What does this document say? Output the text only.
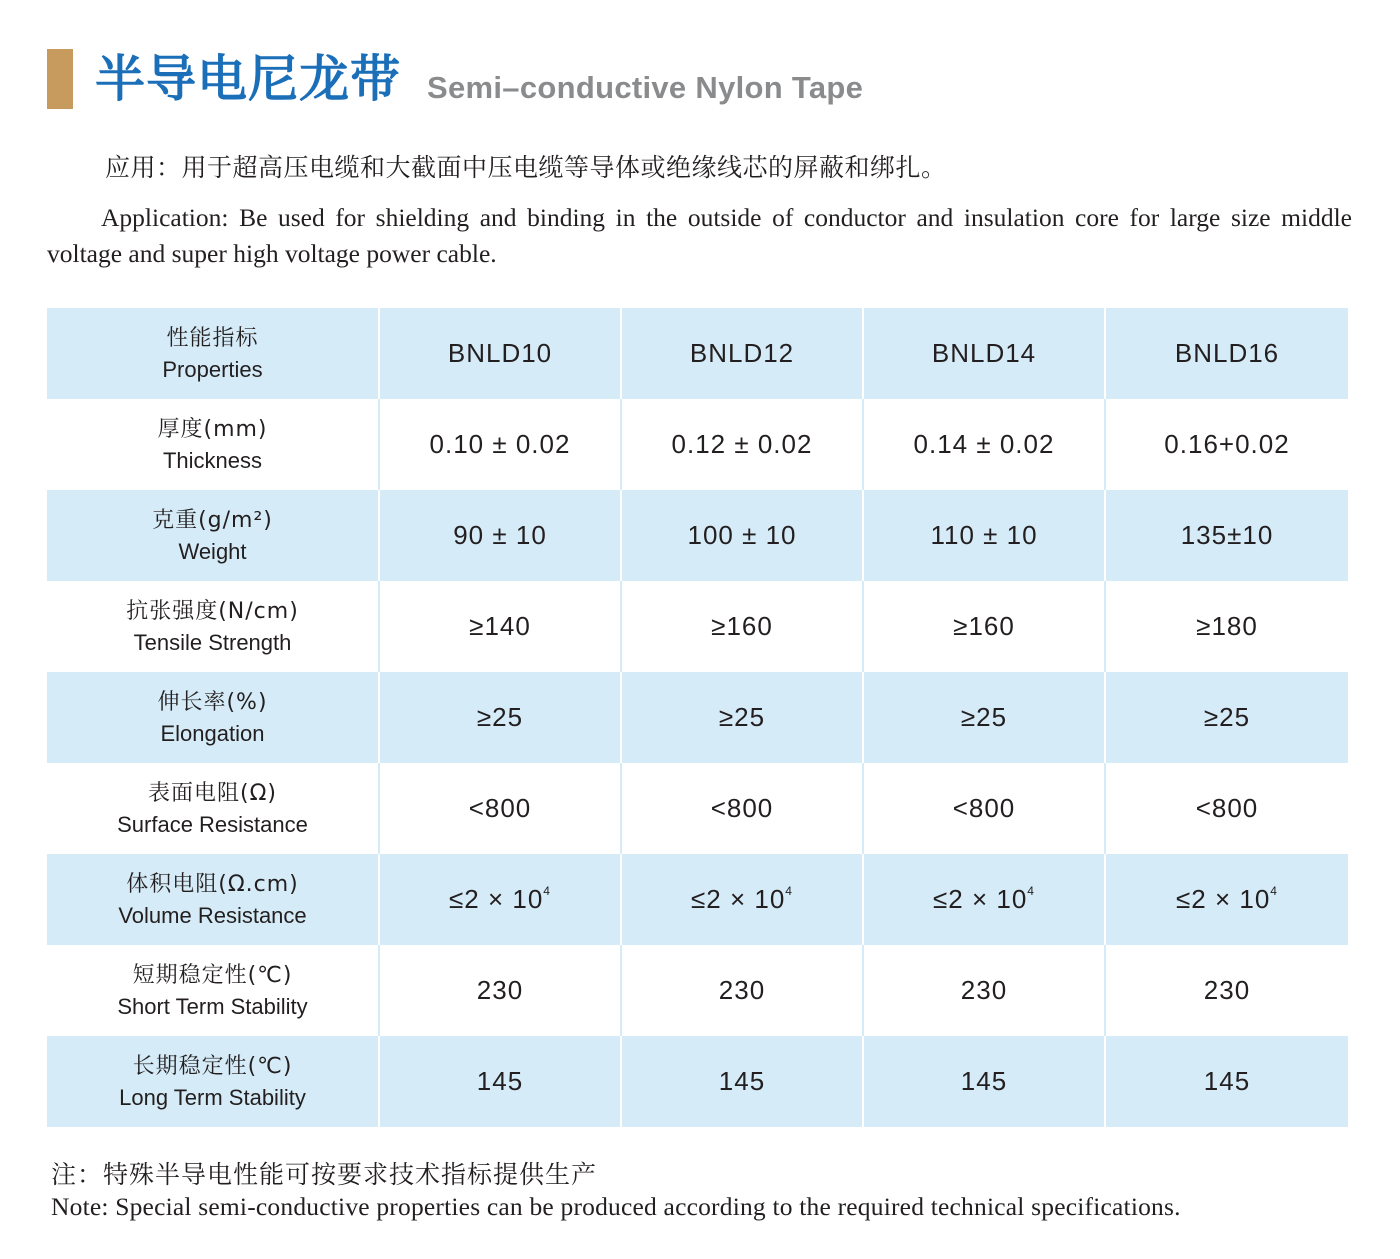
半导电尼龙带 Semi–conductive Nylon Tape
应用：用于超高压电缆和大截面中压电缆等导体或绝缘线芯的屏蔽和绑扎。
Application: Be used for shielding and binding in the outside of conductor and insulation core for large size middle voltage and super high voltage power cable.
性能指标
Properties	BNLD10	BNLD12	BNLD14	BNLD16

厚度(mm)
Thickness	0.10 ± 0.02	0.12 ± 0.02	0.14 ± 0.02	0.16+0.02

克重(g/m²)
Weight	90 ± 10	100 ± 10	110 ± 10	135±10

抗张强度(N/cm)
Tensile Strength	≥140	≥160	≥160	≥180

伸长率(%)
Elongation	≥25	≥25	≥25	≥25

表面电阻(Ω)
Surface Resistance	<800	<800	<800	<800

体积电阻(Ω.cm)
Volume Resistance	$\le 2 \times 10^4$	$\le 2 \times 10^4$	$\le 2 \times 10^4$	$\le 2 \times 10^4$

短期稳定性(℃)
Short Term Stability	230	230	230	230

长期稳定性(℃)
Long Term Stability	145	145	145	145
注：特殊半导电性能可按要求技术指标提供生产
Note: Special semi-conductive properties can be produced according to the required technical specifications.
